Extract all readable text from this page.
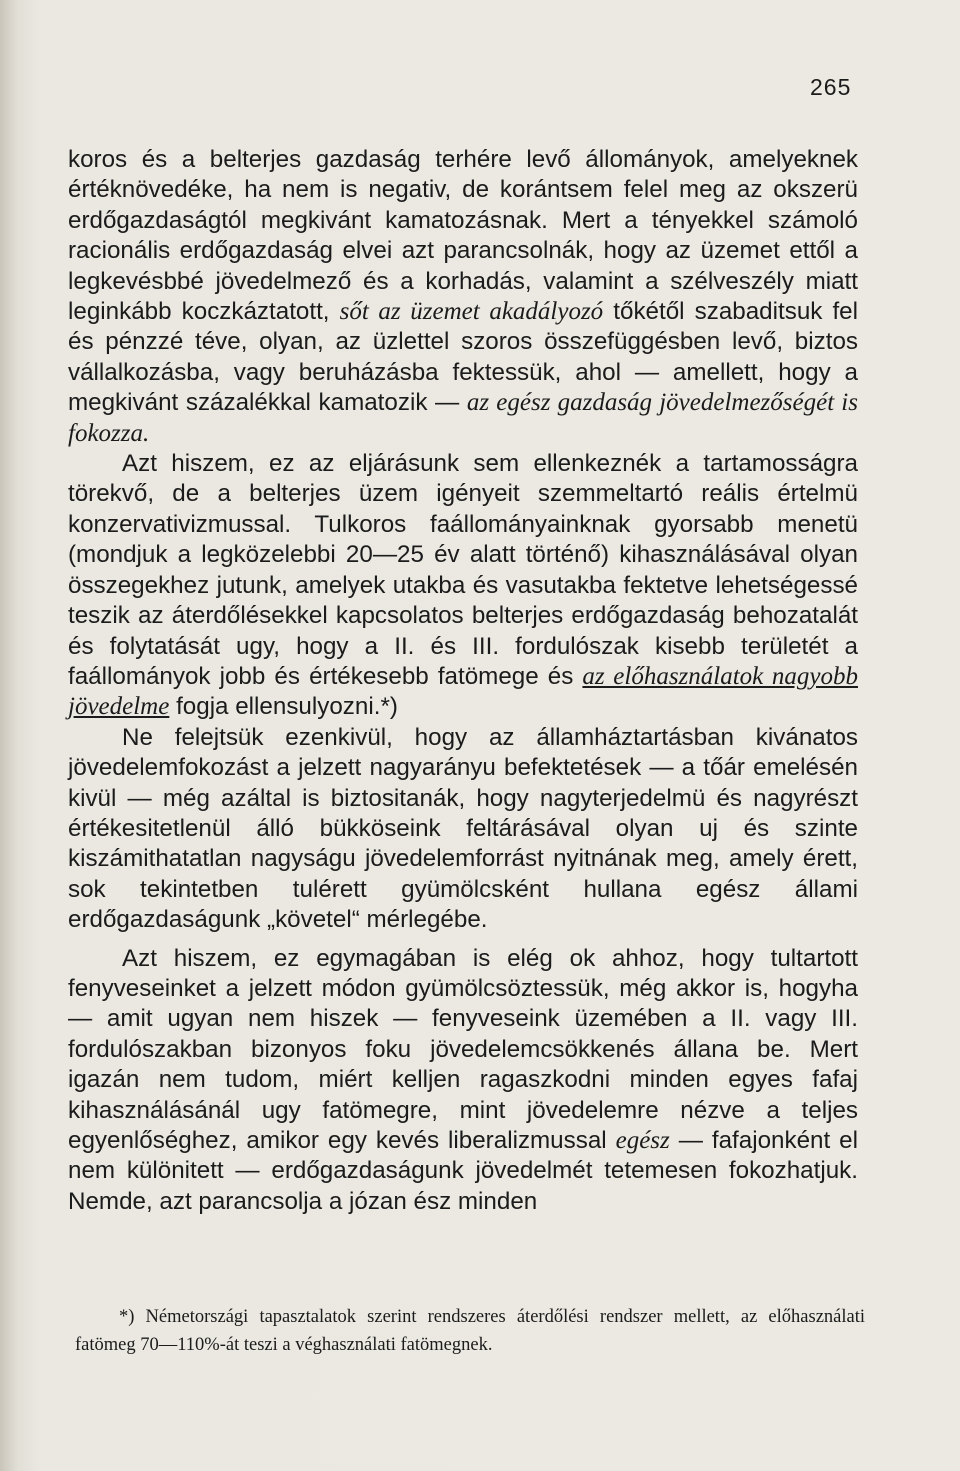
265

koros és a belterjes gazdaság terhére levő állományok, amelyeknek értéknövedéke, ha nem is negativ, de korántsem felel meg az okszerü erdőgazdaságtól megkivánt kamatozásnak. Mert a tényekkel számoló racionális erdőgazdaság elvei azt parancsolnák, hogy az üzemet ettől a legkevésbbé jövedelmező és a korhadás, valamint a szélveszély miatt leginkább koczkáztatott, sőt az üzemet akadályozó tőkétől szabaditsuk fel és pénzzé téve, olyan, az üzlettel szoros összefüggésben levő, biztos vállalkozásba, vagy beruházásba fektessük, ahol — amellett, hogy a megkivánt százalékkal kamatozik — az egész gazdaság jövedelmezőségét is fokozza.

Azt hiszem, ez az eljárásunk sem ellenkeznék a tartamosságra törekvő, de a belterjes üzem igényeit szemmeltartó reális értelmü konzervativizmussal. Tulkoros faállományainknak gyorsabb menetü (mondjuk a legközelebbi 20—25 év alatt történő) kihasználásával olyan összegekhez jutunk, amelyek utakba és vasutakba fektetve lehetségessé teszik az áterdőlésekkel kapcsolatos belterjes erdőgazdaság behozatalát és folytatását ugy, hogy a II. és III. fordulószak kisebb területét a faállományok jobb és értékesebb fatömege és az előhasználatok nagyobb jövedelme fogja ellensulyozni.*)

Ne felejtsük ezenkivül, hogy az államháztartásban kivánatos jövedelemfokozást a jelzett nagyarányu befektetések — a tőár emelésén kivül — még azáltal is biztositanák, hogy nagyterjedelmü és nagyrészt értékesitetlenül álló bükköseink feltárásával olyan uj és szinte kiszámithatatlan nagyságu jövedelemforrást nyitnának meg, amely érett, sok tekintetben tulérett gyümölcsként hullana egész állami erdőgazdaságunk „követel“ mérlegébe.

Azt hiszem, ez egymagában is elég ok ahhoz, hogy tultartott fenyveseinket a jelzett módon gyümölcsöztessük, még akkor is, hogyha — amit ugyan nem hiszek — fenyveseink üzemében a II. vagy III. fordulószakban bizonyos foku jövedelemcsökkenés állana be. Mert igazán nem tudom, miért kelljen ragaszkodni minden egyes fafaj kihasználásánál ugy fatömegre, mint jövedelemre nézve a teljes egyenlőséghez, amikor egy kevés liberalizmussal egész — fafajonként el nem különitett — erdőgazdaságunk jövedelmét tetemesen fokozhatjuk. Nemde, azt parancsolja a józan ész minden

*) Németországi tapasztalatok szerint rendszeres áterdőlési rendszer mellett, az előhasználati fatömeg 70—110%-át teszi a véghasználati fatömegnek.
